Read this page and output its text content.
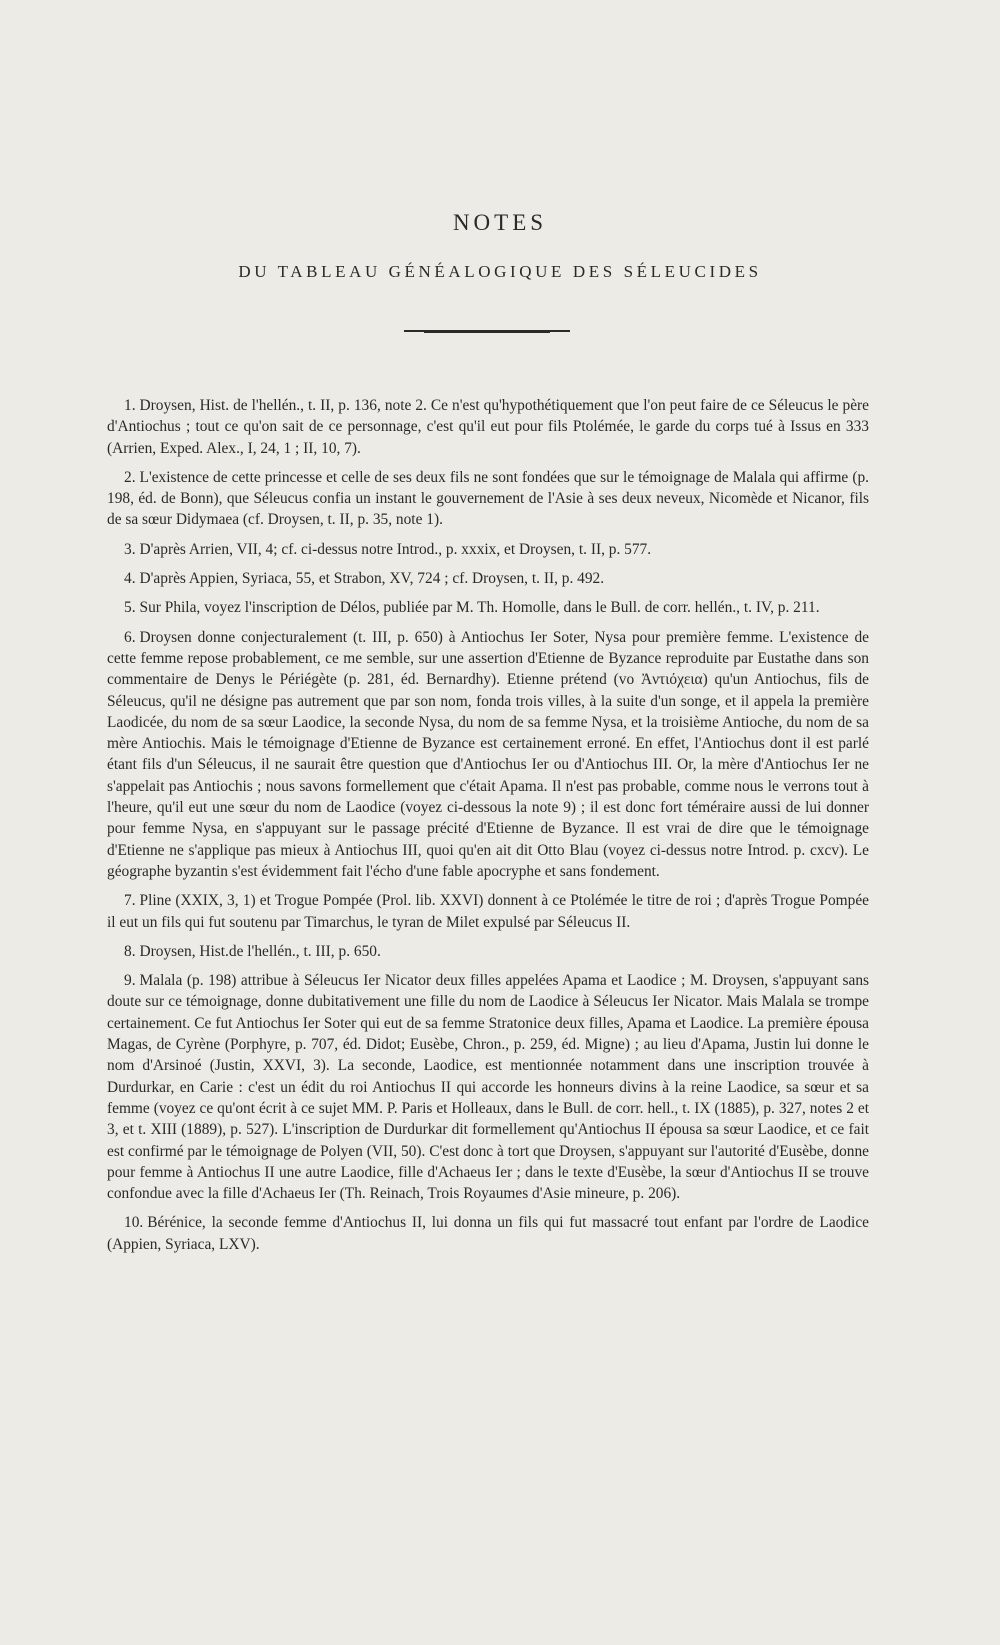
NOTES
DU TABLEAU GÉNÉALOGIQUE DES SÉLEUCIDES

1. Droysen, Hist. de l'hellén., t. II, p. 136, note 2. Ce n'est qu'hypothétiquement que l'on peut faire de ce Séleucus le père d'Antiochus ; tout ce qu'on sait de ce personnage, c'est qu'il eut pour fils Ptolémée, le garde du corps tué à Issus en 333 (Arrien, Exped. Alex., I, 24, 1 ; II, 10, 7).

2. L'existence de cette princesse et celle de ses deux fils ne sont fondées que sur le témoignage de Malala qui affirme (p. 198, éd. de Bonn), que Séleucus confia un instant le gouvernement de l'Asie à ses deux neveux, Nicomède et Nicanor, fils de sa sœur Didymaea (cf. Droysen, t. II, p. 35, note 1).

3. D'après Arrien, VII, 4; cf. ci-dessus notre Introd., p. xxxix, et Droysen, t. II, p. 577.

4. D'après Appien, Syriaca, 55, et Strabon, XV, 724 ; cf. Droysen, t. II, p. 492.

5. Sur Phila, voyez l'inscription de Délos, publiée par M. Th. Homolle, dans le Bull. de corr. hellén., t. IV, p. 211.

6. Droysen donne conjecturalement (t. III, p. 650) à Antiochus Ier Soter, Nysa pour première femme. L'existence de cette femme repose probablement, ce me semble, sur une assertion d'Etienne de Byzance reproduite par Eustathe dans son commentaire de Denys le Périégète (p. 281, éd. Bernardhy). Etienne prétend (vo Ἀντιόχεια) qu'un Antiochus, fils de Séleucus, qu'il ne désigne pas autrement que par son nom, fonda trois villes, à la suite d'un songe, et il appela la première Laodicée, du nom de sa sœur Laodice, la seconde Nysa, du nom de sa femme Nysa, et la troisième Antioche, du nom de sa mère Antiochis. Mais le témoignage d'Etienne de Byzance est certainement erroné. En effet, l'Antiochus dont il est parlé étant fils d'un Séleucus, il ne saurait être question que d'Antiochus Ier ou d'Antiochus III. Or, la mère d'Antiochus Ier ne s'appelait pas Antiochis ; nous savons formellement que c'était Apama. Il n'est pas probable, comme nous le verrons tout à l'heure, qu'il eut une sœur du nom de Laodice (voyez ci-dessous la note 9) ; il est donc fort téméraire aussi de lui donner pour femme Nysa, en s'appuyant sur le passage précité d'Etienne de Byzance. Il est vrai de dire que le témoignage d'Etienne ne s'applique pas mieux à Antiochus III, quoi qu'en ait dit Otto Blau (voyez ci-dessus notre Introd. p. cxcv). Le géographe byzantin s'est évidemment fait l'écho d'une fable apocryphe et sans fondement.

7. Pline (XXIX, 3, 1) et Trogue Pompée (Prol. lib. XXVI) donnent à ce Ptolémée le titre de roi ; d'après Trogue Pompée il eut un fils qui fut soutenu par Timarchus, le tyran de Milet expulsé par Séleucus II.

8. Droysen, Hist.de l'hellén., t. III, p. 650.

9. Malala (p. 198) attribue à Séleucus Ier Nicator deux filles appelées Apama et Laodice ; M. Droysen, s'appuyant sans doute sur ce témoignage, donne dubitativement une fille du nom de Laodice à Séleucus Ier Nicator. Mais Malala se trompe certainement. Ce fut Antiochus Ier Soter qui eut de sa femme Stratonice deux filles, Apama et Laodice. La première épousa Magas, de Cyrène (Porphyre, p. 707, éd. Didot; Eusèbe, Chron., p. 259, éd. Migne) ; au lieu d'Apama, Justin lui donne le nom d'Arsinoé (Justin, XXVI, 3). La seconde, Laodice, est mentionnée notamment dans une inscription trouvée à Durdurkar, en Carie : c'est un édit du roi Antiochus II qui accorde les honneurs divins à la reine Laodice, sa sœur et sa femme (voyez ce qu'ont écrit à ce sujet MM. P. Paris et Holleaux, dans le Bull. de corr. hell., t. IX (1885), p. 327, notes 2 et 3, et t. XIII (1889), p. 527). L'inscription de Durdurkar dit formellement qu'Antiochus II épousa sa sœur Laodice, et ce fait est confirmé par le témoignage de Polyen (VII, 50). C'est donc à tort que Droysen, s'appuyant sur l'autorité d'Eusèbe, donne pour femme à Antiochus II une autre Laodice, fille d'Achaeus Ier ; dans le texte d'Eusèbe, la sœur d'Antiochus II se trouve confondue avec la fille d'Achaeus Ier (Th. Reinach, Trois Royaumes d'Asie mineure, p. 206).

10. Bérénice, la seconde femme d'Antiochus II, lui donna un fils qui fut massacré tout enfant par l'ordre de Laodice (Appien, Syriaca, LXV).
